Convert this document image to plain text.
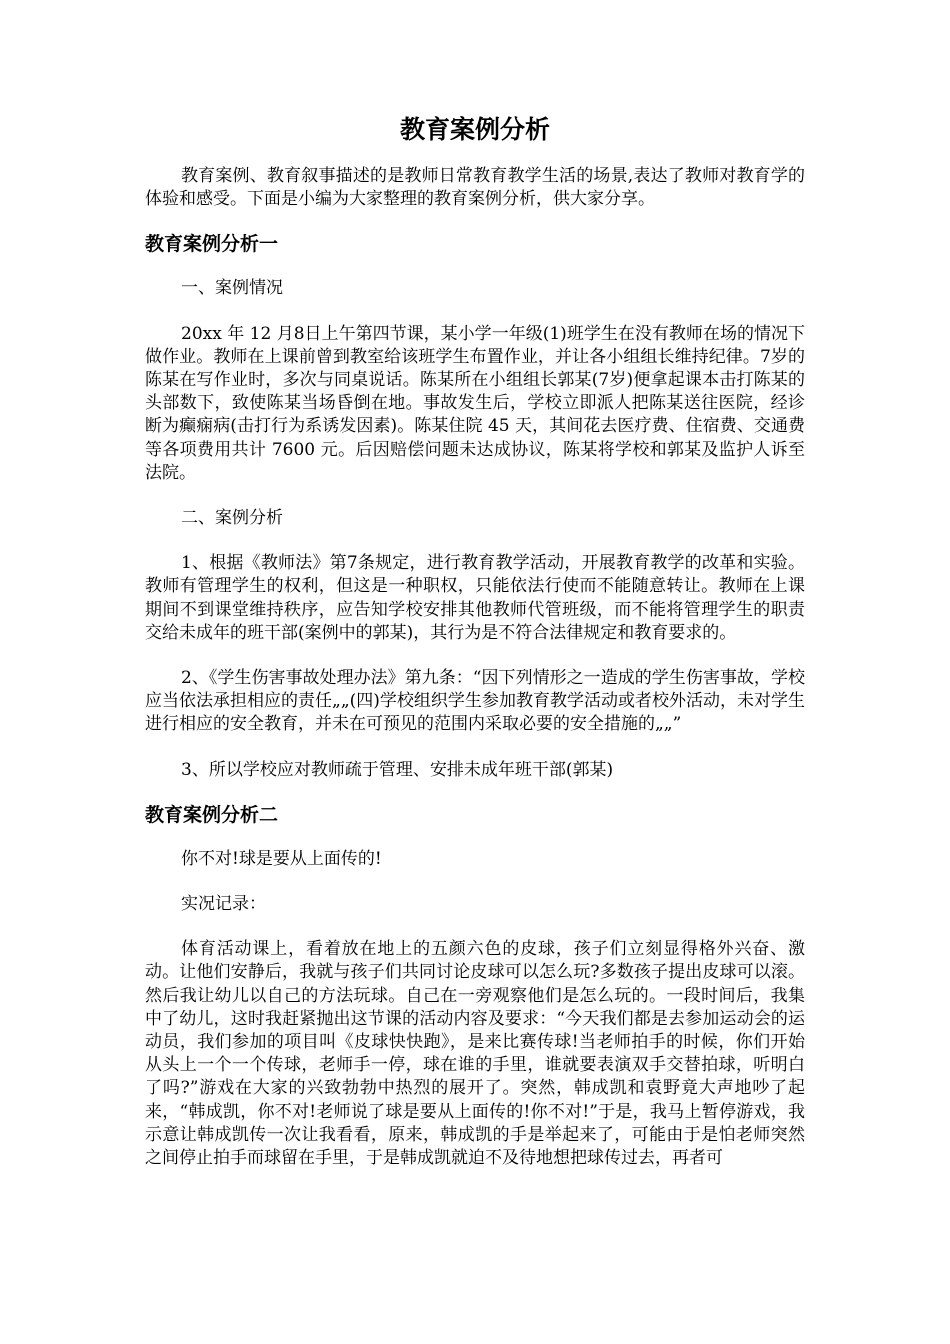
教育案例分析

教育案例、教育叙事描述的是教师日常教育教学生活的场景,表达了教师对教育学的体验和感受。下面是小编为大家整理的教育案例分析，供大家分享。

教育案例分析一

一、案例情况

20xx 年 12 月8日上午第四节课，某小学一年级(1)班学生在没有教师在场的情况下做作业。教师在上课前曾到教室给该班学生布置作业，并让各小组组长维持纪律。7岁的陈某在写作业时，多次与同桌说话。陈某所在小组组长郭某(7岁)便拿起课本击打陈某的头部数下，致使陈某当场昏倒在地。事故发生后，学校立即派人把陈某送往医院，经诊断为癫痫病(击打行为系诱发因素)。陈某住院 45 天，其间花去医疗费、住宿费、交通费等各项费用共计 7600 元。后因赔偿问题未达成协议，陈某将学校和郭某及监护人诉至法院。

二、案例分析

1、根据《教师法》第7条规定，进行教育教学活动，开展教育教学的改革和实验。教师有管理学生的权利，但这是一种职权，只能依法行使而不能随意转让。教师在上课期间不到课堂维持秩序，应告知学校安排其他教师代管班级，而不能将管理学生的职责交给未成年的班干部(案例中的郭某)，其行为是不符合法律规定和教育要求的。

2、《学生伤害事故处理办法》第九条：“因下列情形之一造成的学生伤害事故，学校应当依法承担相应的责任„„(四)学校组织学生参加教育教学活动或者校外活动，未对学生进行相应的安全教育，并未在可预见的范围内采取必要的安全措施的„„”

3、所以学校应对教师疏于管理、安排未成年班干部(郭某)

教育案例分析二

你不对!球是要从上面传的!

实况记录：

体育活动课上，看着放在地上的五颜六色的皮球，孩子们立刻显得格外兴奋、激动。让他们安静后，我就与孩子们共同讨论皮球可以怎么玩?多数孩子提出皮球可以滚。然后我让幼儿以自己的方法玩球。自己在一旁观察他们是怎么玩的。一段时间后，我集中了幼儿，这时我赶紧抛出这节课的活动内容及要求：“今天我们都是去参加运动会的运动员，我们参加的项目叫《皮球快快跑》，是来比赛传球!当老师拍手的时候，你们开始从头上一个一个传球，老师手一停，球在谁的手里，谁就要表演双手交替拍球，听明白了吗?”游戏在大家的兴致勃勃中热烈的展开了。突然，韩成凯和袁野竟大声地吵了起来，“韩成凯，你不对!老师说了球是要从上面传的!你不对!”于是，我马上暂停游戏，我示意让韩成凯传一次让我看看，原来，韩成凯的手是举起来了，可能由于是怕老师突然之间停止拍手而球留在手里，于是韩成凯就迫不及待地想把球传过去，再者可
